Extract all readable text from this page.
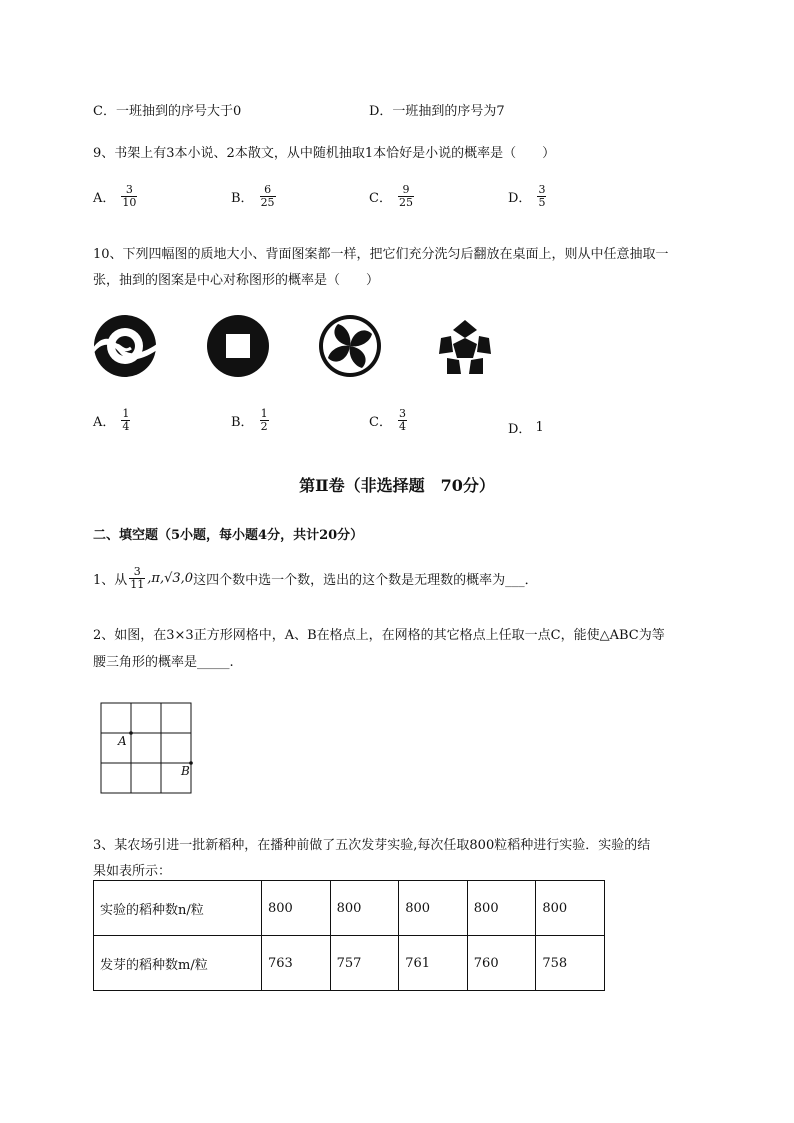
C．一班抽到的序号大于0	D．一班抽到的序号为7
9、书架上有3本小说、2本散文，从中随机抽取1本恰好是小说的概率是（　　）
A． $\frac{3}{10}$	B． $\frac{6}{25}$	C． $\frac{9}{25}$	D． $\frac{3}{5}$
10、下列四幅图的质地大小、背面图案都一样，把它们充分洗匀后翻放在桌面上，则从中任意抽取一
张，抽到的图案是中心对称图形的概率是（　　）
A． $\frac{1}{4}$	B． $\frac{1}{2}$	C． $\frac{3}{4}$	D． 1
第Ⅱ卷（非选择题　70分）
二、填空题（5小题，每小题4分，共计20分）
1、从 $\frac{3}{11} ,\pi,√3,0$ 这四个数中选一个数，选出的这个数是无理数的概率为___．
2、如图，在3×3正方形网格中，A、B在格点上，在网格的其它格点上任取一点C，能使△ABC为等
腰三角形的概率是_____.
A
B
3、某农场引进一批新稻种，在播种前做了五次发芽实验,每次任取800粒稻种进行实验．实验的结
果如表所示：
实验的稻种数n/粒	800	800	800	800	800
发芽的稻种数m/粒	763	757	761	760	758
